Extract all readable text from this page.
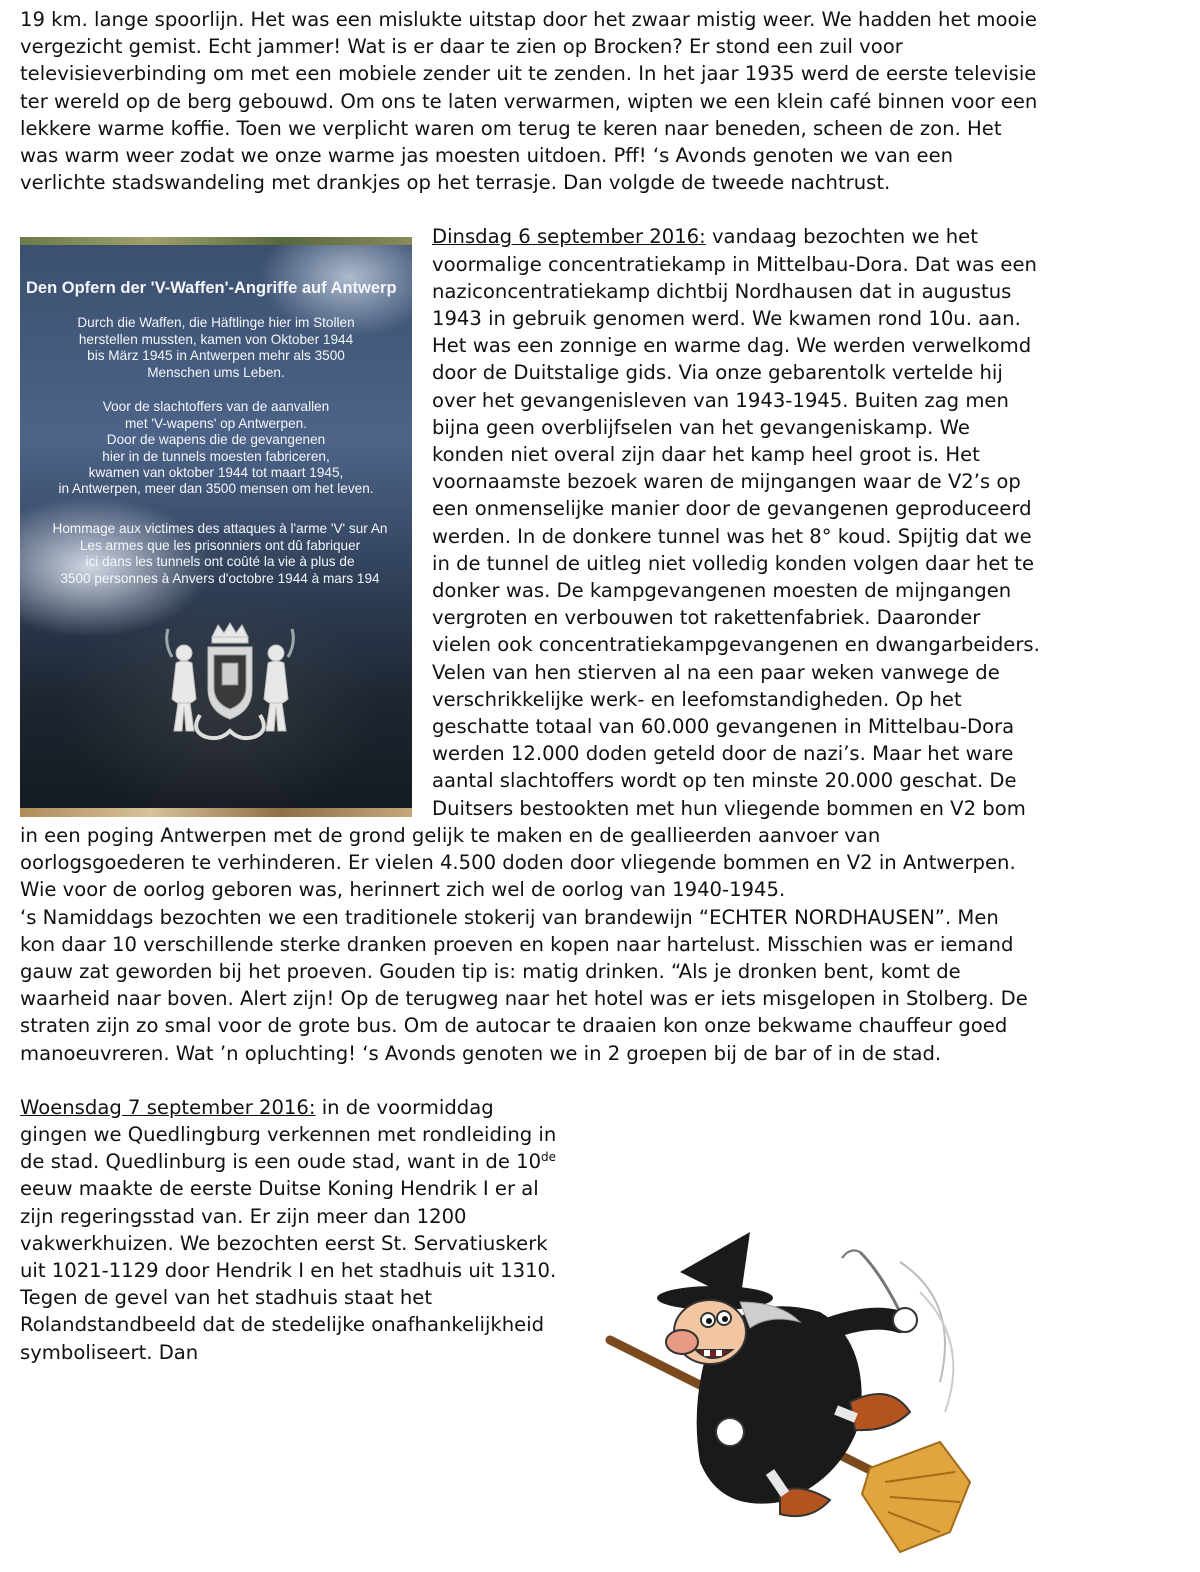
19 km. lange spoorlijn. Het was een mislukte uitstap door het zwaar mistig weer. We hadden het mooie vergezicht gemist. Echt jammer! Wat is er daar te zien op Brocken? Er stond een zuil voor televisieverbinding om met een mobiele zender uit te zenden. In het jaar 1935 werd de eerste televisie ter wereld op de berg gebouwd. Om ons te laten verwarmen, wipten we een klein café binnen voor een lekkere warme koffie. Toen we verplicht waren om terug te keren naar beneden, scheen de zon. Het was warm weer zodat we onze warme jas moesten uitdoen. Pff! ‘s Avonds genoten we van een verlichte stadswandeling met drankjes op het terrasje. Dan volgde de tweede nachtrust.

Den Opfern der 'V-Waffen'-Angriffe auf Antwerp
Durch die Waffen, die Häftlinge hier im Stollen
herstellen mussten, kamen von Oktober 1944
bis März 1945 in Antwerpen mehr als 3500
Menschen ums Leben.
Voor de slachtoffers van de aanvallen
met 'V-wapens' op Antwerpen.
Door de wapens die de gevangenen
hier in de tunnels moesten fabriceren,
kwamen van oktober 1944 tot maart 1945,
in Antwerpen, meer dan 3500 mensen om het leven.
Hommage aux victimes des attaques à l'arme 'V' sur An
Les armes que les prisonniers ont dû fabriquer
ici dans les tunnels ont coûté la vie à plus de
3500 personnes à Anvers d'octobre 1944 à mars 194

Dinsdag 6 september 2016: vandaag bezochten we het voormalige concentratiekamp in Mittelbau-Dora. Dat was een naziconcentratiekamp dichtbij Nordhausen dat in augustus 1943 in gebruik genomen werd. We kwamen rond 10u. aan. Het was een zonnige en warme dag. We werden verwelkomd door de Duitstalige gids. Via onze gebarentolk vertelde hij over het gevangenisleven van 1943-1945. Buiten zag men bijna geen overblijfselen van het gevangeniskamp. We konden niet overal zijn daar het kamp heel groot is. Het voornaamste bezoek waren de mijngangen waar de V2’s op een onmenselijke manier door de gevangenen geproduceerd werden. In de donkere tunnel was het 8° koud. Spijtig dat we in de tunnel de uitleg niet volledig konden volgen daar het te donker was. De kampgevangenen moesten de mijngangen vergroten en verbouwen tot rakettenfabriek. Daaronder vielen ook concentratiekampgevangenen en dwangarbeiders. Velen van hen stierven al na een paar weken vanwege de verschrikkelijke werk- en leefomstandigheden. Op het geschatte totaal van 60.000 gevangenen in Mittelbau-Dora werden 12.000 doden geteld door de nazi’s. Maar het ware aantal slachtoffers wordt op ten minste 20.000 geschat. De Duitsers bestookten met hun vliegende bommen en V2 bom in een poging Antwerpen met de grond gelijk te maken en de geallieerden aanvoer van oorlogsgoederen te verhinderen. Er vielen 4.500 doden door vliegende bommen en V2 in Antwerpen. Wie voor de oorlog geboren was, herinnert zich wel de oorlog van 1940-1945.

‘s Namiddags bezochten we een traditionele stokerij van brandewijn “ECHTER NORDHAUSEN”. Men kon daar 10 verschillende sterke dranken proeven en kopen naar hartelust. Misschien was er iemand gauw zat geworden bij het proeven. Gouden tip is: matig drinken. “Als je dronken bent, komt de waarheid naar boven. Alert zijn! Op de terugweg naar het hotel was er iets misgelopen in Stolberg. De straten zijn zo smal voor de grote bus. Om de autocar te draaien kon onze bekwame chauffeur goed manoeuvreren. Wat ’n opluchting! ‘s Avonds genoten we in 2 groepen bij de bar of in de stad.

Woensdag 7 september 2016: in de voormiddag gingen we Quedlingburg verkennen met rondleiding in de stad. Quedlinburg is een oude stad, want in de 10de eeuw maakte de eerste Duitse Koning Hendrik I er al zijn regeringsstad van. Er zijn meer dan 1200 vakwerkhuizen. We bezochten eerst St. Servatiuskerk uit 1021-1129 door Hendrik I en het stadhuis uit 1310. Tegen de gevel van het stadhuis staat het Rolandstandbeeld dat de stedelijke onafhankelijkheid symboliseert. Dan
